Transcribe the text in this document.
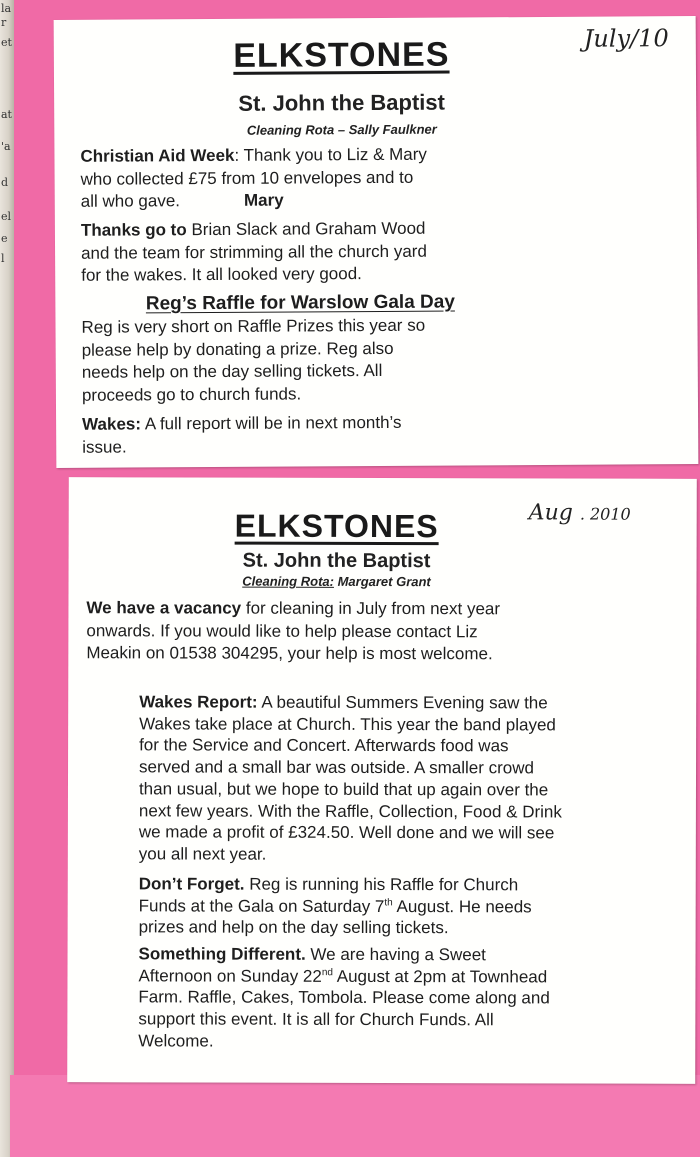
la
r
et
at
'a
d
el
e
l
July/10
ELKSTONES
St. John the Baptist
Cleaning Rota – Sally Faulkner
Christian Aid Week: Thank you to Liz & Mary
who collected £75 from 10 envelopes and to
all who gave.	Mary
Thanks go to Brian Slack and Graham Wood
and the team for strimming all the church yard
for the wakes. It all looked very good.
Reg’s Raffle for Warslow Gala Day
Reg is very short on Raffle Prizes this year so
please help by donating a prize. Reg also
needs help on the day selling tickets. All
proceeds go to church funds.
Wakes: A full report will be in next month’s
issue.
Aug . 2010
ELKSTONES
St. John the Baptist
Cleaning Rota: Margaret Grant
We have a vacancy for cleaning in July from next year
onwards. If you would like to help please contact Liz
Meakin on 01538 304295, your help is most welcome.
Wakes Report: A beautiful Summers Evening saw the
Wakes take place at Church. This year the band played
for the Service and Concert. Afterwards food was
served and a small bar was outside. A smaller crowd
than usual, but we hope to build that up again over the
next few years. With the Raffle, Collection, Food & Drink
we made a profit of £324.50. Well done and we will see
you all next year.
Don’t Forget. Reg is running his Raffle for Church
Funds at the Gala on Saturday 7th August. He needs
prizes and help on the day selling tickets.
Something Different. We are having a Sweet
Afternoon on Sunday 22nd August at 2pm at Townhead
Farm. Raffle, Cakes, Tombola. Please come along and
support this event. It is all for Church Funds. All
Welcome.
